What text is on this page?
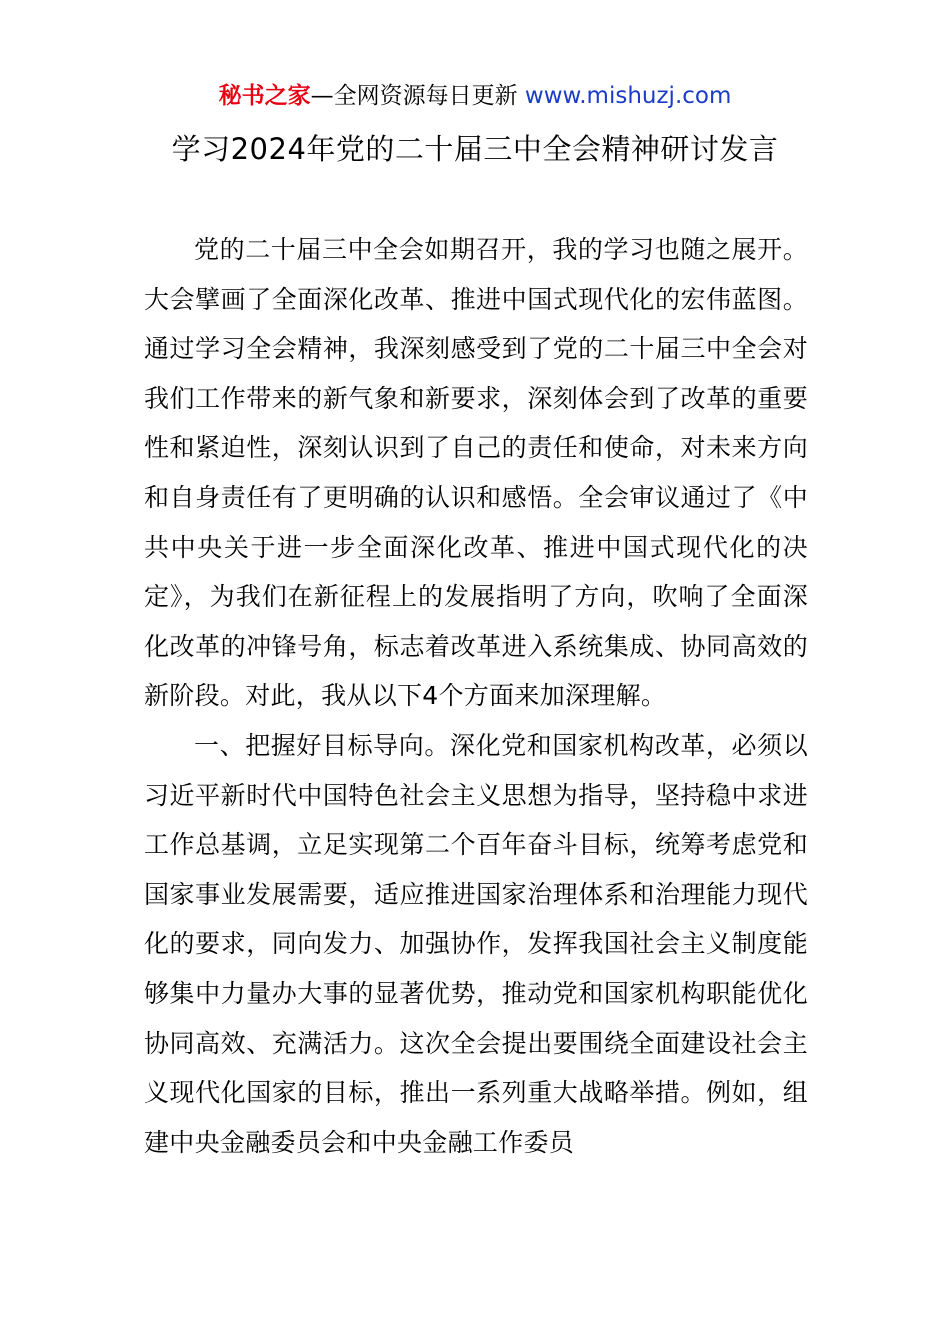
秘书之家—全网资源每日更新 www.mishuzj.com
学习2024年党的二十届三中全会精神研讨发言

党的二十届三中全会如期召开，我的学习也随之展开。大会擘画了全面深化改革、推进中国式现代化的宏伟蓝图。通过学习全会精神，我深刻感受到了党的二十届三中全会对我们工作带来的新气象和新要求，深刻体会到了改革的重要性和紧迫性，深刻认识到了自己的责任和使命，对未来方向和自身责任有了更明确的认识和感悟。全会审议通过了《中共中央关于进一步全面深化改革、推进中国式现代化的决定》，为我们在新征程上的发展指明了方向，吹响了全面深化改革的冲锋号角，标志着改革进入系统集成、协同高效的新阶段。对此，我从以下4个方面来加深理解。

一、把握好目标导向。深化党和国家机构改革，必须以习近平新时代中国特色社会主义思想为指导，坚持稳中求进工作总基调，立足实现第二个百年奋斗目标，统筹考虑党和国家事业发展需要，适应推进国家治理体系和治理能力现代化的要求，同向发力、加强协作，发挥我国社会主义制度能够集中力量办大事的显著优势，推动党和国家机构职能优化协同高效、充满活力。这次全会提出要围绕全面建设社会主义现代化国家的目标，推出一系列重大战略举措。例如，组建中央金融委员会和中央金融工作委员
